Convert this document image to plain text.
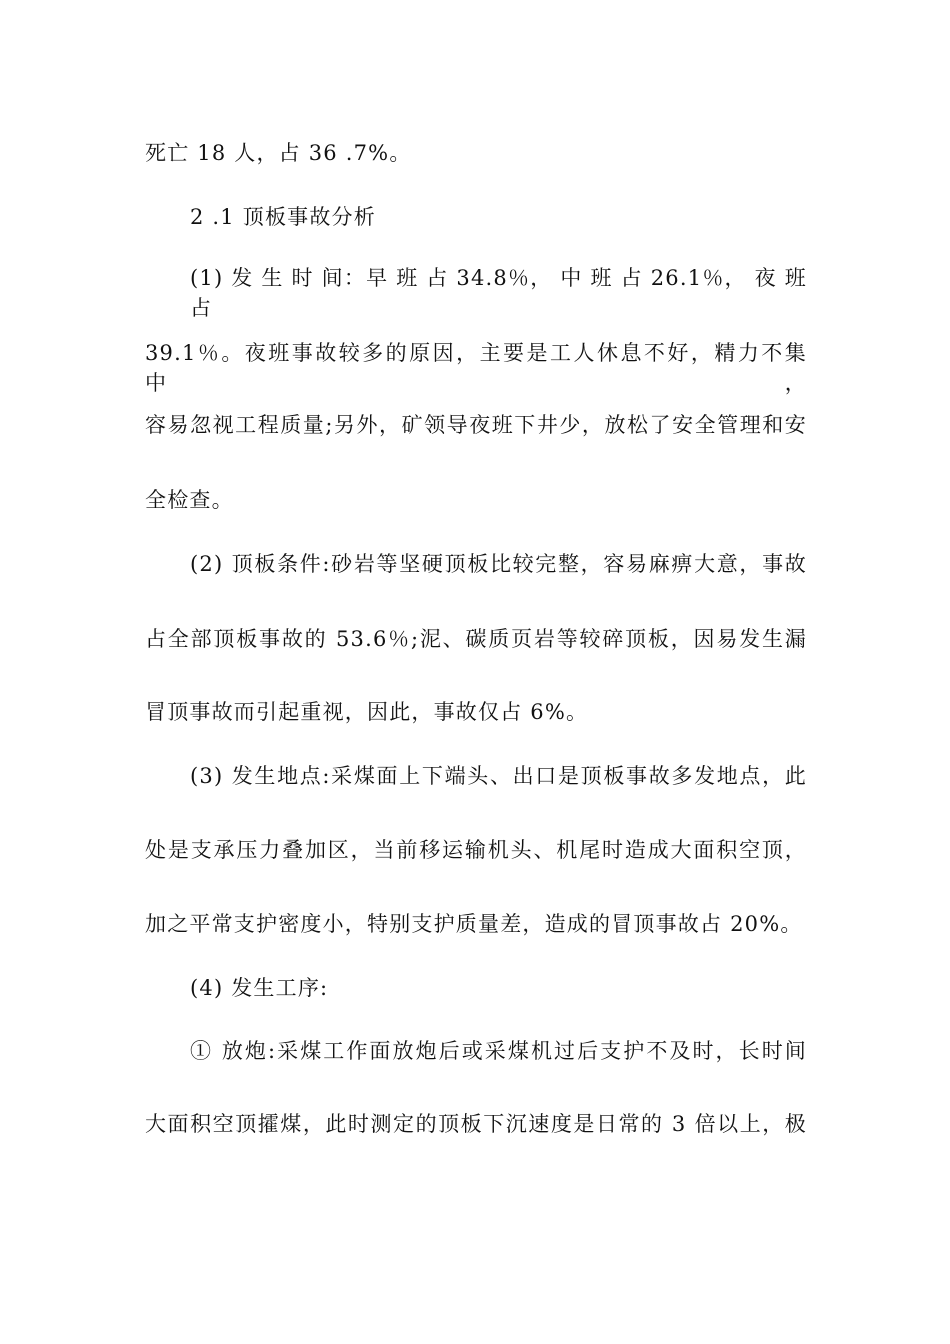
死亡 18 人，占 36 .7%。
2 .1 顶板事故分析
(1) 发 生 时 间：早 班 占 34.8％， 中 班 占 26.1％， 夜 班 占
39.1％。夜班事故较多的原因，主要是工人休息不好，精力不集中，
容易忽视工程质量;另外，矿领导夜班下井少，放松了安全管理和安
全检查。
(2) 顶板条件:砂岩等坚硬顶板比较完整，容易麻痹大意，事故
占全部顶板事故的 53.6％;泥、碳质页岩等较碎顶板，因易发生漏
冒顶事故而引起重视，因此，事故仅占 6%。
(3) 发生地点:采煤面上下端头、出口是顶板事故多发地点，此
处是支承压力叠加区，当前移运输机头、机尾时造成大面积空顶，
加之平常支护密度小，特别支护质量差，造成的冒顶事故占 20%。
(4) 发生工序:
① 放炮:采煤工作面放炮后或采煤机过后支护不及时，长时间
大面积空顶攉煤，此时测定的顶板下沉速度是日常的 3 倍以上，极
